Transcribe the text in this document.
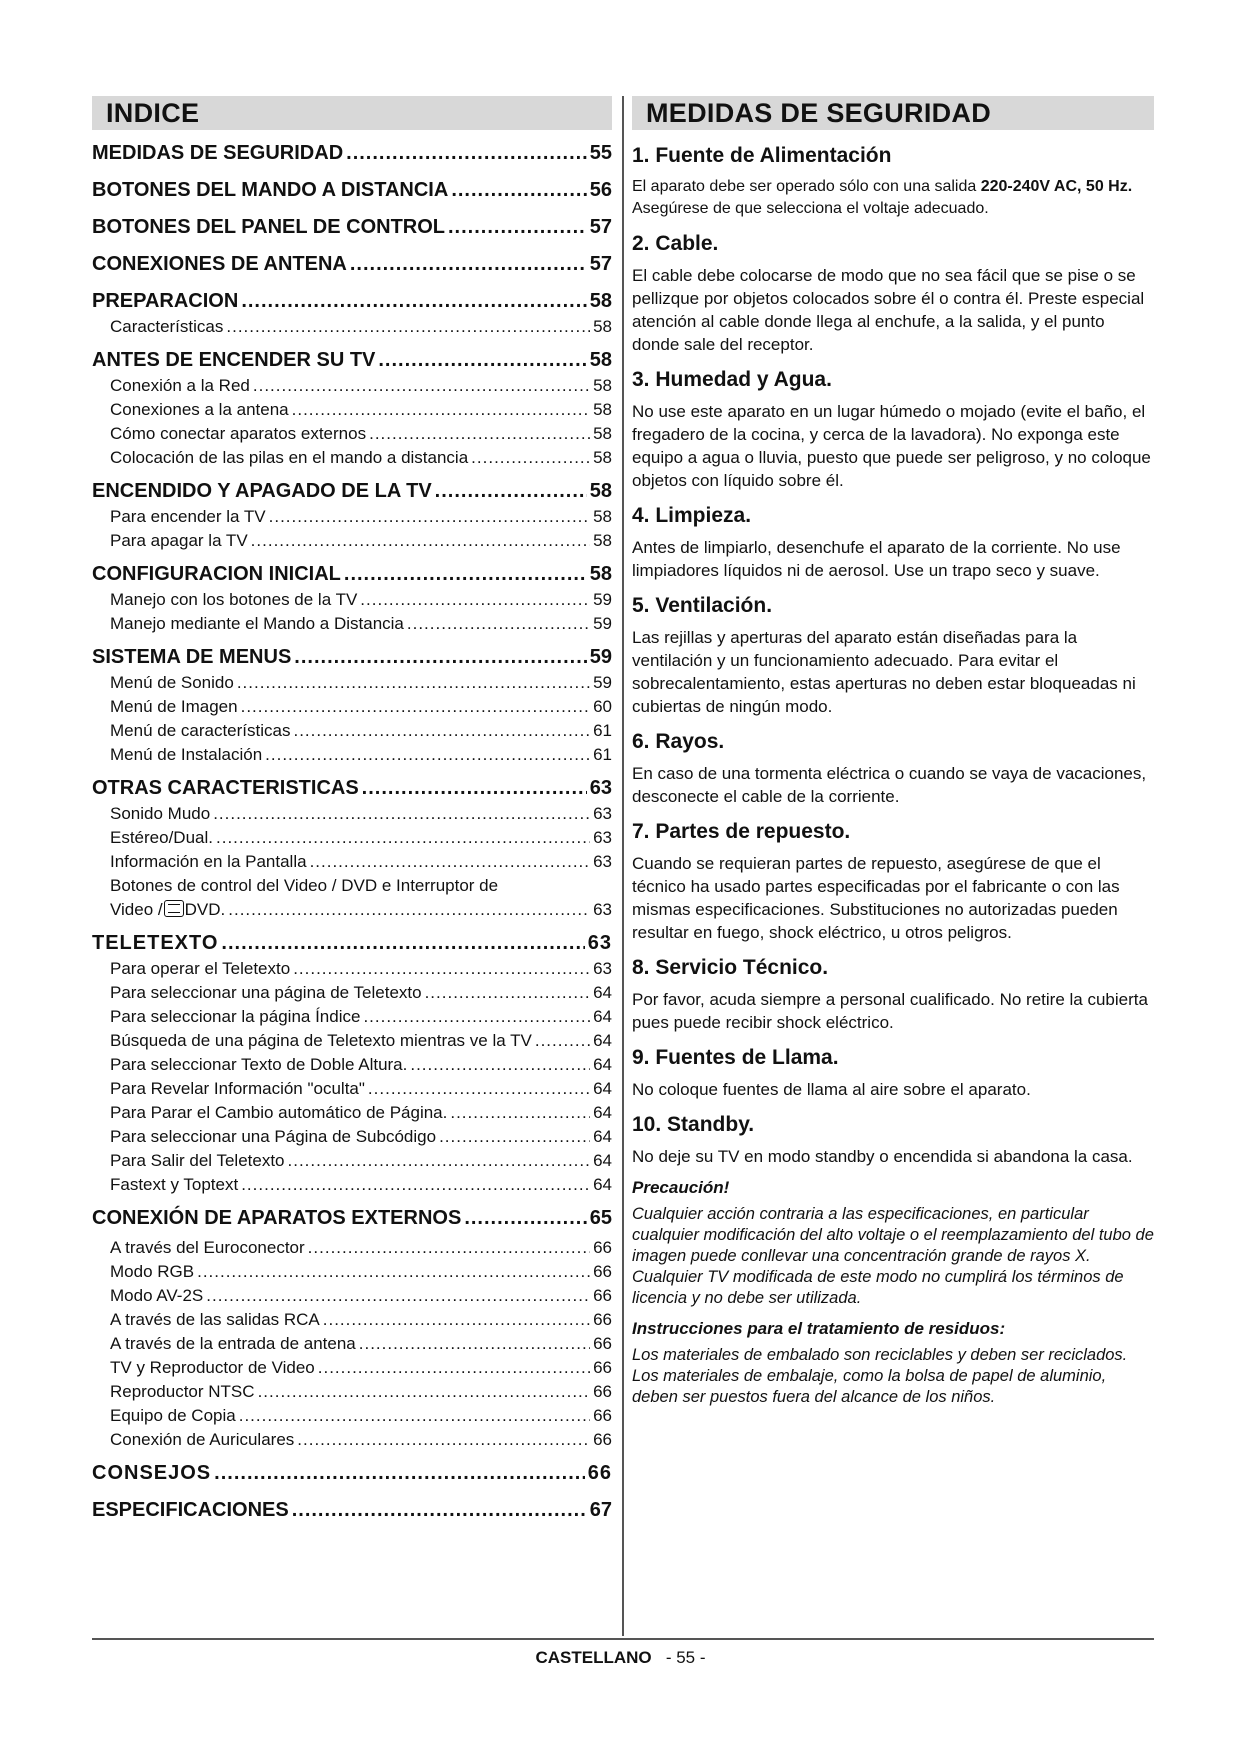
INDICE
MEDIDAS DE SEGURIDAD .....	55
BOTONES DEL MANDO A DISTANCIA .....	56
BOTONES DEL PANEL DE CONTROL .....	57
CONEXIONES DE ANTENA .....	57
PREPARACION .....	58
Características .....	58
ANTES DE ENCENDER SU TV .....	58
Conexión a la Red .....	58
Conexiones a la antena .....	58
Cómo conectar aparatos externos .....	58
Colocación de las pilas en el mando a distancia .....	58
ENCENDIDO Y APAGADO DE LA TV .....	58
Para encender la TV .....	58
Para apagar la TV .....	58
CONFIGURACION INICIAL .....	58
Manejo con los botones de la TV .....	59
Manejo mediante el Mando a Distancia .....	59
SISTEMA DE MENUS .....	59
Menú de Sonido .....	59
Menú de Imagen .....	60
Menú de características .....	61
Menú de Instalación .....	61
OTRAS CARACTERISTICAS .....	63
Sonido Mudo .....	63
Estéreo/Dual. .....	63
Información en la Pantalla .....	63
Botones de control del Video / DVD e Interruptor de
Video / DVD. .....	63
TELETEXTO .....	63
Para operar el Teletexto .....	63
Para seleccionar una página de Teletexto .....	64
Para seleccionar la página Índice .....	64
Búsqueda de una página de Teletexto mientras ve la TV .....	64
Para seleccionar Texto de Doble Altura. .....	64
Para Revelar Información "oculta" .....	64
Para Parar el Cambio automático de Página. .....	64
Para seleccionar una Página de Subcódigo .....	64
Para Salir del Teletexto .....	64
Fastext y Toptext .....	64
CONEXIÓN DE APARATOS EXTERNOS .....	65
A través del Euroconector .....	66
Modo RGB .....	66
Modo AV-2S .....	66
A través de las salidas RCA .....	66
A través de la entrada de antena .....	66
TV y Reproductor de Video .....	66
Reproductor NTSC .....	66
Equipo de Copia .....	66
Conexión de Auriculares .....	66
CONSEJOS .....	66
ESPECIFICACIONES .....	67
MEDIDAS DE SEGURIDAD
1. Fuente de Alimentación
El aparato debe ser operado sólo con una salida 220-240V AC, 50 Hz. Asegúrese de que selecciona el voltaje adecuado.
2. Cable.
El cable debe colocarse de modo que no sea fácil que se pise o se pellizque por objetos colocados sobre él o contra él. Preste especial atención al cable donde llega al enchufe, a la salida, y el punto donde sale del receptor.
3. Humedad y Agua.
No use este aparato en un lugar húmedo o mojado (evite el baño, el fregadero de la cocina, y cerca de la lavadora). No exponga este equipo a agua o lluvia, puesto que puede ser peligroso, y no coloque objetos con líquido sobre él.
4. Limpieza.
Antes de limpiarlo, desenchufe el aparato de la corriente. No use limpiadores líquidos ni de aerosol. Use un trapo seco y suave.
5. Ventilación.
Las rejillas y aperturas del aparato están diseñadas para la ventilación y un funcionamiento adecuado. Para evitar el sobrecalentamiento, estas aperturas no deben estar bloqueadas ni cubiertas de ningún modo.
6. Rayos.
En caso de una tormenta eléctrica o cuando se vaya de vacaciones, desconecte el cable de la corriente.
7. Partes de repuesto.
Cuando se requieran partes de repuesto, asegúrese de que el técnico ha usado partes especificadas por el fabricante o con las mismas especificaciones. Substituciones no autorizadas pueden resultar en fuego, shock eléctrico, u otros peligros.
8. Servicio Técnico.
Por favor, acuda siempre a personal cualificado. No retire la cubierta pues puede recibir shock eléctrico.
9. Fuentes de Llama.
No coloque fuentes de llama al aire sobre el aparato.
10. Standby.
No deje su TV en modo standby o encendida si abandona la casa.
Precaución!
Cualquier acción contraria a las especificaciones, en particular cualquier modificación del alto voltaje o el reemplazamiento del tubo de imagen puede conllevar una concentración grande de rayos X. Cualquier TV modificada de este modo no cumplirá los términos de licencia y no debe ser utilizada.
Instrucciones para el tratamiento de residuos:
Los materiales de embalado son reciclables y deben ser reciclados. Los materiales de embalaje, como la bolsa de papel de aluminio, deben ser puestos fuera del alcance de los niños.
CASTELLANO - 55 -
